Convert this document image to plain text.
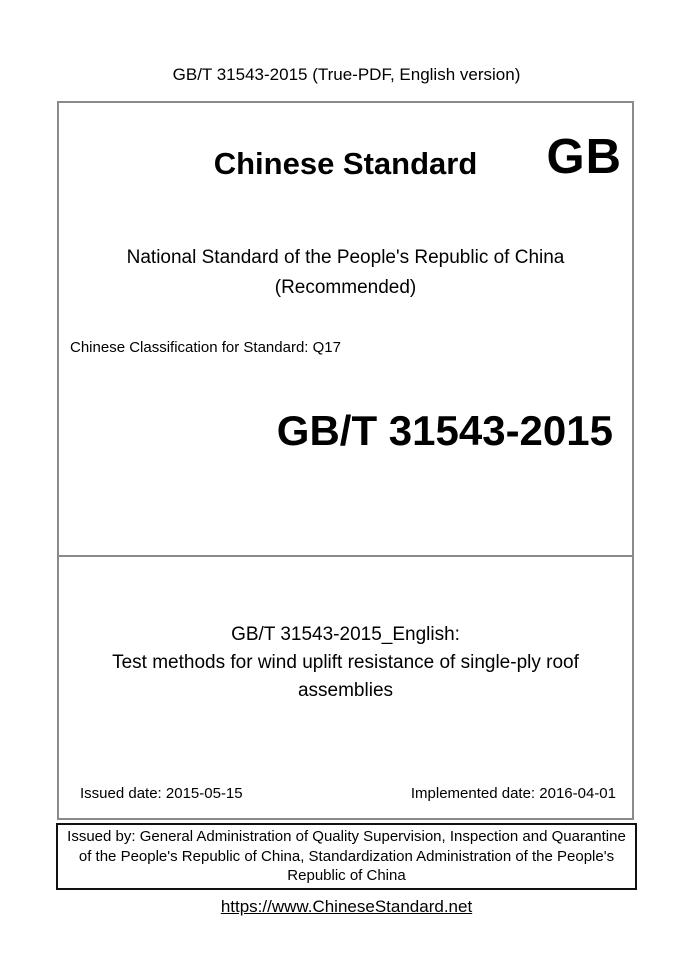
GB/T 31543-2015 (True-PDF, English version)
Chinese Standard	GB
National Standard of the People's Republic of China
(Recommended)
Chinese Classification for Standard: Q17
GB/T 31543-2015
GB/T 31543-2015_English:
Test methods for wind uplift resistance of single-ply roof assemblies
Issued date: 2015-05-15	Implemented date: 2016-04-01
Issued by: General Administration of Quality Supervision, Inspection and Quarantine of the People's Republic of China, Standardization Administration of the People's Republic of China
https://www.ChineseStandard.net
